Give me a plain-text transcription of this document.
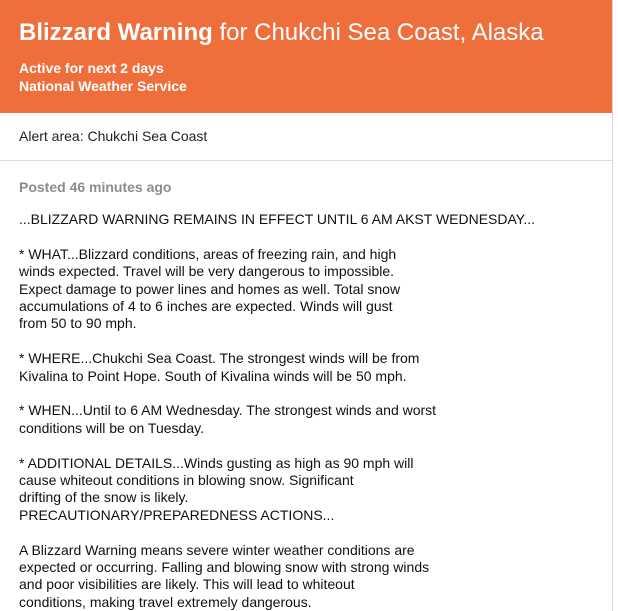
Blizzard Warning for Chukchi Sea Coast, Alaska
Active for next 2 days
National Weather Service
Alert area: Chukchi Sea Coast
Posted 46 minutes ago
...BLIZZARD WARNING REMAINS IN EFFECT UNTIL 6 AM AKST WEDNESDAY...
* WHAT...Blizzard conditions, areas of freezing rain, and high
winds expected. Travel will be very dangerous to impossible.
Expect damage to power lines and homes as well. Total snow
accumulations of 4 to 6 inches are expected. Winds will gust
from 50 to 90 mph.
* WHERE...Chukchi Sea Coast. The strongest winds will be from
Kivalina to Point Hope. South of Kivalina winds will be 50 mph.
* WHEN...Until to 6 AM Wednesday. The strongest winds and worst
conditions will be on Tuesday.
* ADDITIONAL DETAILS...Winds gusting as high as 90 mph will
cause whiteout conditions in blowing snow. Significant
drifting of the snow is likely.
PRECAUTIONARY/PREPAREDNESS ACTIONS...
A Blizzard Warning means severe winter weather conditions are
expected or occurring. Falling and blowing snow with strong winds
and poor visibilities are likely. This will lead to whiteout
conditions, making travel extremely dangerous.
